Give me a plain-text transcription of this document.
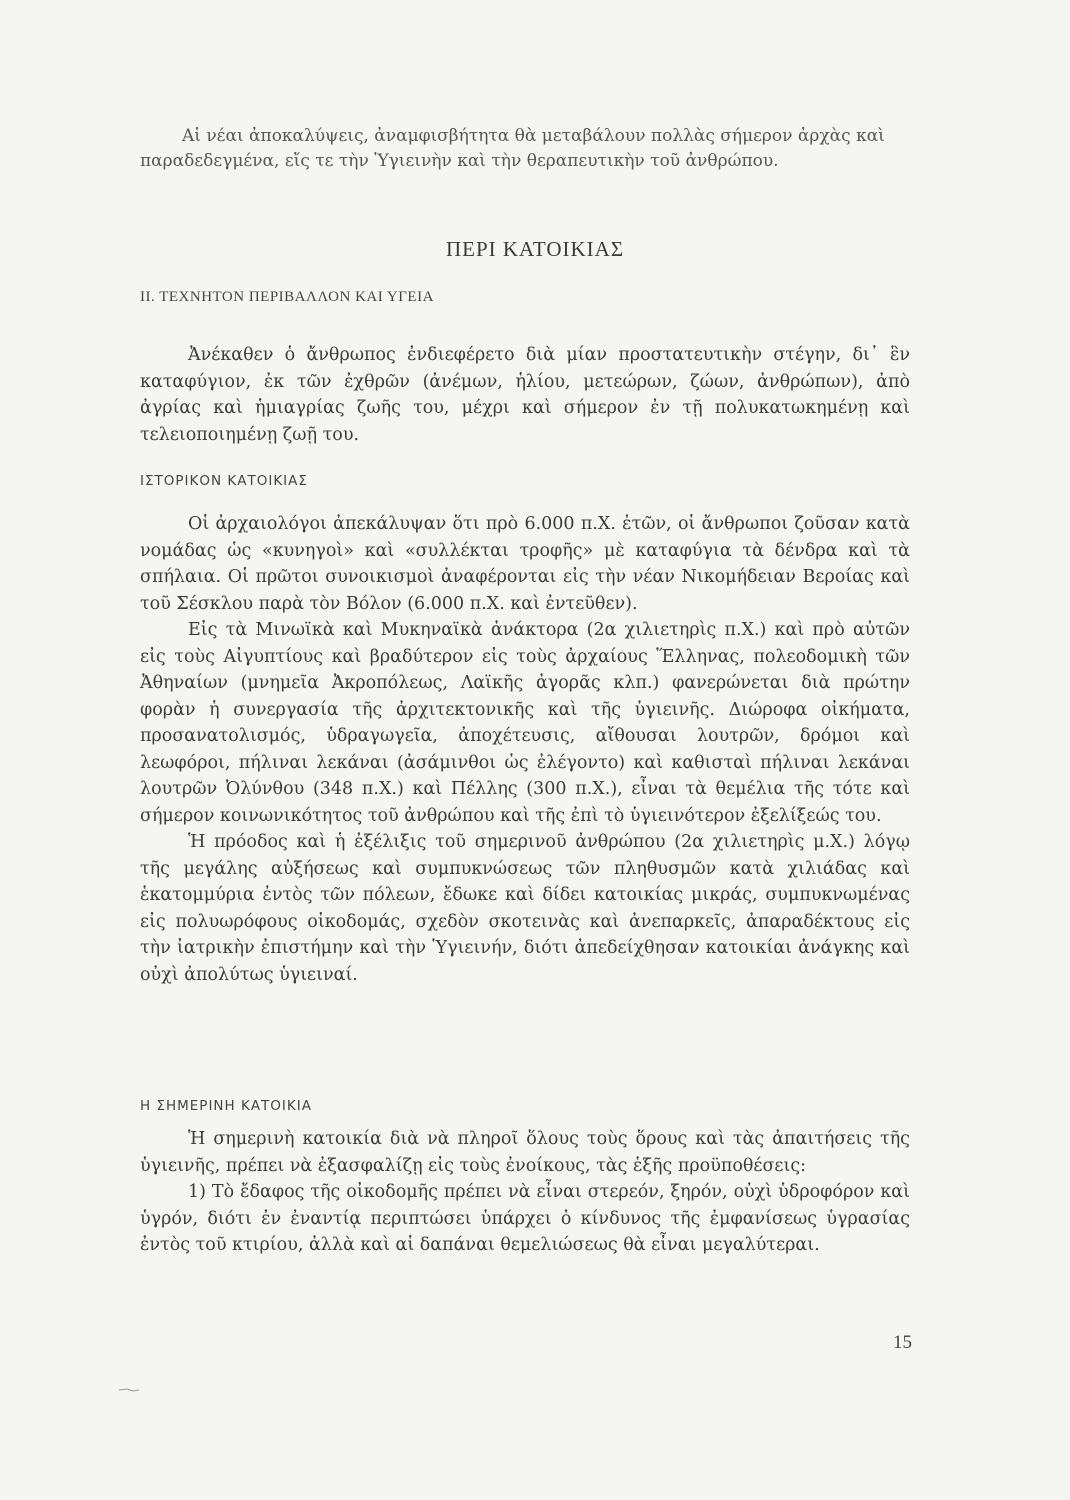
Αἱ νέαι ἀποκαλύψεις, ἀναμφισβήτητα θὰ μεταβάλουν πολλὰς σήμερον ἀρχὰς καὶ παραδεδεγμένα, εἴς τε τὴν Ὑγιεινὴν καὶ τὴν θεραπευτικὴν τοῦ ἀνθρώπου.

ΠΕΡΙ ΚΑΤΟΙΚΙΑΣ
ΙΙ. ΤΕΧΝΗΤΟΝ ΠΕΡΙΒΑΛΛΟΝ ΚΑΙ ΥΓΕΙΑ

Ἀνέκαθεν ὁ ἄνθρωπος ἐνδιεφέρετο διὰ μίαν προστατευτικὴν στέγην, δι᾽ ἓν καταφύγιον, ἐκ τῶν ἐχθρῶν (ἀνέμων, ἡλίου, μετεώρων, ζώων, ἀνθρώπων), ἀπὸ ἀγρίας καὶ ἡμιαγρίας ζωῆς του, μέχρι καὶ σήμερον ἐν τῇ πολυκατωκημένῃ καὶ τελειοποιημένῃ ζωῇ του.

ΙΣΤΟΡΙΚΟΝ ΚΑΤΟΙΚΙΑΣ

Οἱ ἀρχαιολόγοι ἀπεκάλυψαν ὅτι πρὸ 6.000 π.Χ. ἐτῶν, οἱ ἄνθρωποι ζοῦσαν κατὰ νομάδας ὡς «κυνηγοὶ» καὶ «συλλέκται τροφῆς» μὲ καταφύγια τὰ δένδρα καὶ τὰ σπήλαια. Οἱ πρῶτοι συνοικισμοὶ ἀναφέρονται εἰς τὴν νέαν Νικομήδειαν Βεροίας καὶ τοῦ Σέσκλου παρὰ τὸν Βόλον (6.000 π.Χ. καὶ ἐντεῦθεν).

Εἰς τὰ Μινωϊκὰ καὶ Μυκηναϊκὰ ἀνάκτορα (2α χιλιετηρὶς π.Χ.) καὶ πρὸ αὐτῶν εἰς τοὺς Αἰγυπτίους καὶ βραδύτερον εἰς τοὺς ἀρχαίους Ἕλληνας, πολεοδομικὴ τῶν Ἀθηναίων (μνημεῖα Ἀκροπόλεως, Λαϊκῆς ἀγορᾶς κλπ.) φανερώνεται διὰ πρώτην φορὰν ἡ συνεργασία τῆς ἀρχιτεκτονικῆς καὶ τῆς ὑγιεινῆς. Διώροφα οἰκήματα, προσανατολισμός, ὑδραγωγεῖα, ἀποχέτευσις, αἴθουσαι λουτρῶν, δρόμοι καὶ λεωφόροι, πήλιναι λεκάναι (ἀσάμινθοι ὡς ἐλέγοντο) καὶ καθισταὶ πήλιναι λεκάναι λουτρῶν Ὀλύνθου (348 π.Χ.) καὶ Πέλλης (300 π.Χ.), εἶναι τὰ θεμέλια τῆς τότε καὶ σήμερον κοινωνικότητος τοῦ ἀνθρώπου καὶ τῆς ἐπὶ τὸ ὑγιεινότερον ἐξελίξεώς του.

Ἡ πρόοδος καὶ ἡ ἐξέλιξις τοῦ σημερινοῦ ἀνθρώπου (2α χιλιετηρὶς μ.Χ.) λόγῳ τῆς μεγάλης αὐξήσεως καὶ συμπυκνώσεως τῶν πληθυσμῶν κατὰ χιλιάδας καὶ ἑκατομμύρια ἐντὸς τῶν πόλεων, ἔδωκε καὶ δίδει κατοικίας μικράς, συμπυκνωμένας εἰς πολυωρόφους οἰκοδομάς, σχεδὸν σκοτεινὰς καὶ ἀνεπαρκεῖς, ἀπαραδέκτους εἰς τὴν ἰατρικὴν ἐπιστήμην καὶ τὴν Ὑγιεινήν, διότι ἀπεδείχθησαν κατοικίαι ἀνάγκης καὶ οὐχὶ ἀπολύτως ὑγιειναί.

Η ΣΗΜΕΡΙΝΗ ΚΑΤΟΙΚΙΑ

Ἡ σημερινὴ κατοικία διὰ νὰ πληροῖ ὅλους τοὺς ὅρους καὶ τὰς ἀπαιτήσεις τῆς ὑγιεινῆς, πρέπει νὰ ἐξασφαλίζῃ εἰς τοὺς ἐνοίκους, τὰς ἑξῆς προϋποθέσεις:

1) Τὸ ἔδαφος τῆς οἰκοδομῆς πρέπει νὰ εἶναι στερεόν, ξηρόν, οὐχὶ ὑδροφόρον καὶ ὑγρόν, διότι ἐν ἐναντίᾳ περιπτώσει ὑπάρχει ὁ κίνδυνος τῆς ἐμφανίσεως ὑγρασίας ἐντὸς τοῦ κτιρίου, ἀλλὰ καὶ αἱ δαπάναι θεμελιώσεως θὰ εἶναι μεγαλύτεραι.

15
